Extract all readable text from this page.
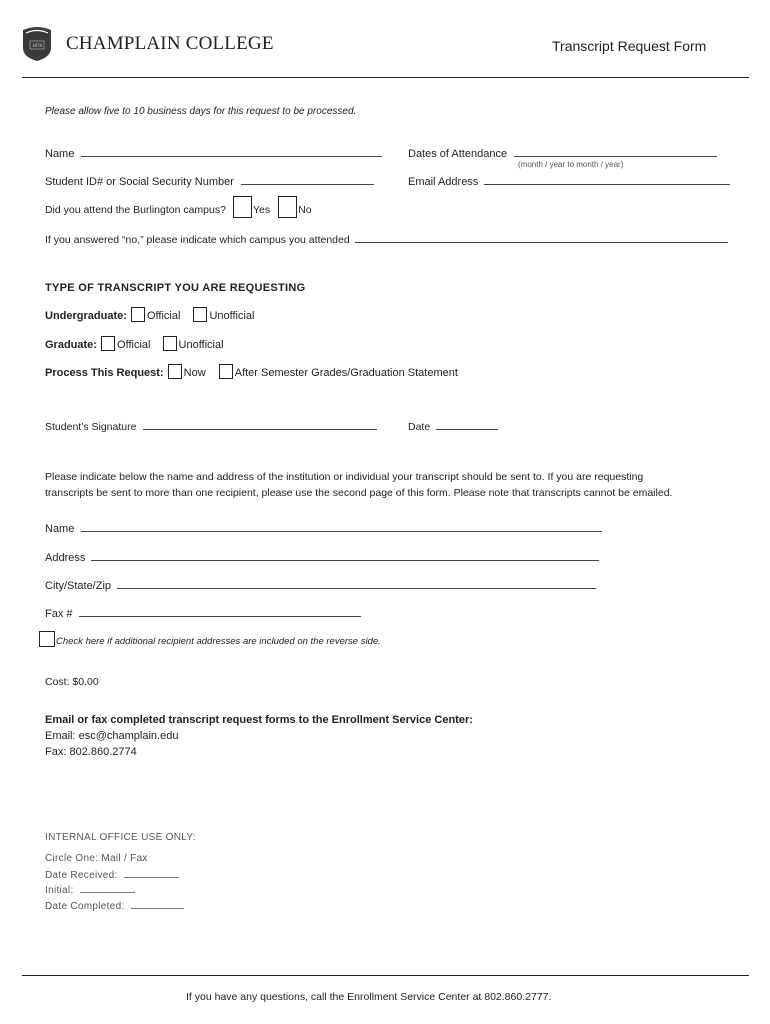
1878 CHAMPLAIN COLLEGE	Transcript Request Form
Please allow five to 10 business days for this request to be processed.
Name	Dates of Attendance
(month / year to month / year)
Student ID# or Social Security Number	Email Address
Did you attend the Burlington campus?	Yes	No
If you answered “no,” please indicate which campus you attended
TYPE OF TRANSCRIPT YOU ARE REQUESTING
Undergraduate: Official	Unofficial
Graduate: Official	Unofficial
Process This Request: Now	After Semester Grades/Graduation Statement
Student’s Signature	Date
Please indicate below the name and address of the institution or individual your transcript should be sent to. If you are requesting
transcripts be sent to more than one recipient, please use the second page of this form. Please note that transcripts cannot be emailed.
Name
Address
City/State/Zip
Fax #
Check here if additional recipient addresses are included on the reverse side.
Cost: $0.00
Email or fax completed transcript request forms to the Enrollment Service Center:
Email: esc@champlain.edu
Fax: 802.860.2774
INTERNAL OFFICE USE ONLY:
Circle One: Mail / Fax
Date Received:
Initial:
Date Completed:
If you have any questions, call the Enrollment Service Center at 802.860.2777.
